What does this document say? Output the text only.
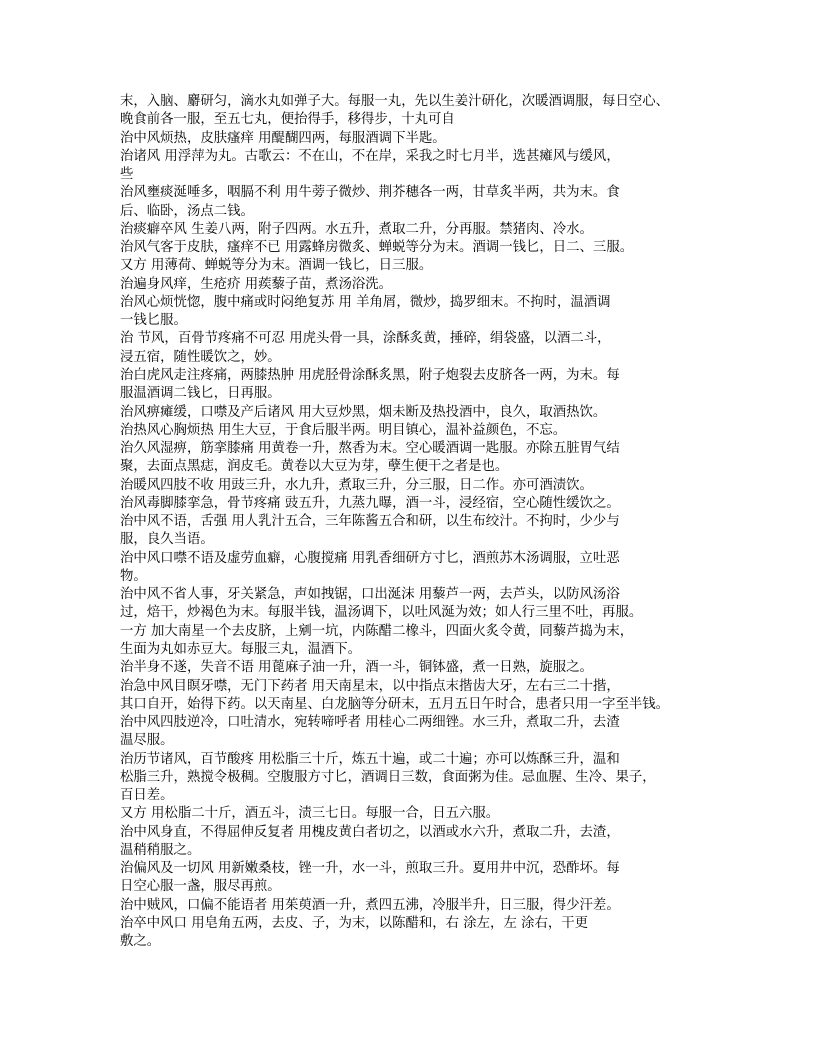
末，入脑、麝研匀，滴水丸如弹子大。每服一丸，先以生姜汁研化，次暖酒调服，每日空心、
晚食前各一服，至五七丸，便抬得手，移得步，十丸可自
治中风烦热，皮肤瘙痒 用醍醐四两，每服酒调下半匙。
治诸风 用浮萍为丸。古歌云：不在山，不在岸，采我之时七月半，选甚瘫风与缓风，
些
治风壅痰涎唾多，咽膈不利 用牛蒡子微炒、荆芥穗各一两，甘草炙半两，共为末。食
后、临卧，汤点二钱。
治痰癖卒风 生姜八两，附子四两。水五升，煮取二升，分再服。禁猪肉、冷水。
治风气客于皮肤，瘙痒不已 用露蜂房微炙、蝉蜕等分为末。酒调一钱匕，日二、三服。
又方 用薄荷、蝉蜕等分为末。酒调一钱匕，日三服。
治遍身风痒，生疮疥 用蒺藜子苗，煮汤浴洗。
治风心烦恍惚，腹中痛或时闷绝复苏 用 羊角屑，微炒，捣罗细末。不拘时，温酒调
一钱匕服。
治 节风，百骨节疼痛不可忍 用虎头骨一具，涂酥炙黄，捶碎，绢袋盛，以酒二斗，
浸五宿，随性暖饮之，妙。
治白虎风走注疼痛，两膝热肿 用虎胫骨涂酥炙黑，附子炮裂去皮脐各一两，为末。每
服温酒调二钱匕，日再服。
治风痹瘫缓，口噤及产后诸风 用大豆炒黑，烟未断及热投酒中，良久，取酒热饮。
治热风心胸烦热 用生大豆，于食后服半两。明目镇心，温补益颜色，不忘。
治久风湿痹，筋挛膝痛 用黄卷一升，熬香为末。空心暖酒调一匙服。亦除五脏胃气结
聚，去面点黑痣，润皮毛。黄卷以大豆为芽，孽生便干之者是也。
治暖风四肢不收 用豉三升，水九升，煮取三升，分三服，日二作。亦可酒渍饮。
治风毒脚膝挛急，骨节疼痛 豉五升，九蒸九曝，酒一斗，浸经宿，空心随性缓饮之。
治中风不语，舌强 用人乳汁五合，三年陈酱五合和研，以生布绞汁。不拘时，少少与
服，良久当语。
治中风口噤不语及虚劳血癖，心腹搅痛 用乳香细研方寸匕，酒煎苏木汤调服，立吐恶
物。
治中风不省人事，牙关紧急，声如拽锯，口出涎沫 用藜芦一两，去芦头，以防风汤浴
过，焙干，炒褐色为末。每服半钱，温汤调下，以吐风涎为效；如人行三里不吐，再服。
一方 加大南星一个去皮脐，上剜一坑，内陈醋二橡斗，四面火炙令黄，同藜芦捣为末，
生面为丸如赤豆大。每服三丸，温酒下。
治半身不遂，失音不语 用蓖麻子油一升，酒一斗，铜钵盛，煮一日熟，旋服之。
治急中风目瞑牙噤，无门下药者 用天南星末，以中指点末揩齿大牙，左右三二十揩，
其口自开，始得下药。以天南星、白龙脑等分研末，五月五日午时合，患者只用一字至半钱。
治中风四肢逆冷，口吐清水，宛转啼呼者 用桂心二两细锉。水三升，煮取二升，去渣
温尽服。
治历节诸风，百节酸疼 用松脂三十斤，炼五十遍，或二十遍；亦可以炼酥三升，温和
松脂三升，熟搅令极稠。空腹服方寸匕，酒调日三数，食面粥为佳。忌血腥、生冷、果子，
百日差。
又方 用松脂二十斤，酒五斗，渍三七日。每服一合，日五六服。
治中风身直，不得屈伸反复者 用槐皮黄白者切之，以酒或水六升，煮取二升，去渣，
温稍稍服之。
治偏风及一切风 用新嫩桑枝，锉一升，水一斗，煎取三升。夏用井中沉，恐酢坏。每
日空心服一盏，服尽再煎。
治中贼风，口偏不能语者 用茱萸酒一升，煮四五沸，冷服半升，日三服，得少汗差。
治卒中风口 用皂角五两，去皮、子，为末，以陈醋和，右 涂左，左 涂右，干更
敷之。
